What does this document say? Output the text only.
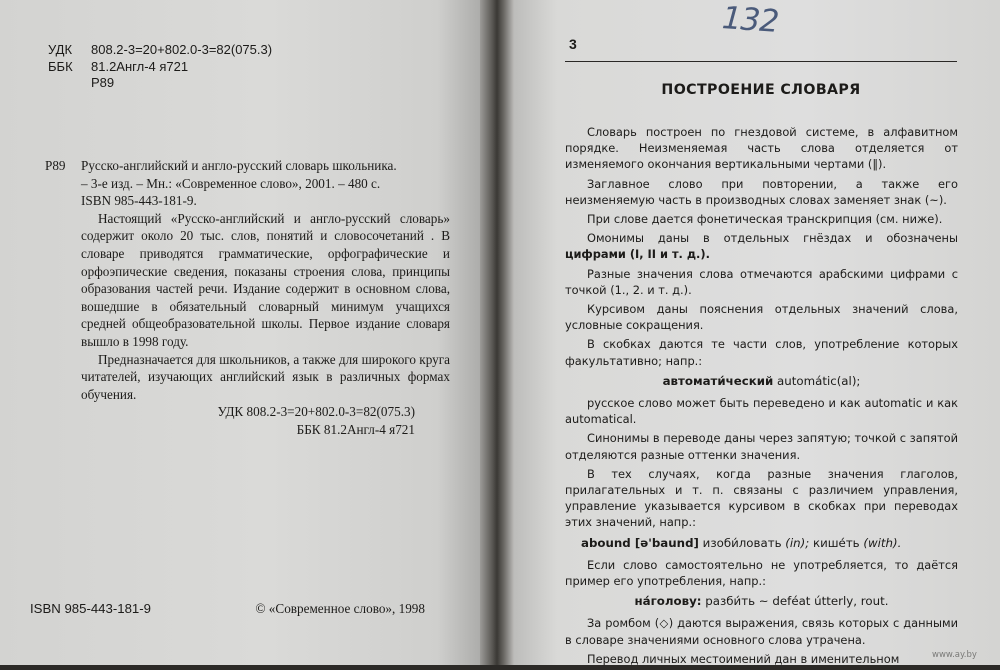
УДК	808.2-3=20+802.0-3=82(075.3)
ББК	81.2Англ-4 я721
Р89
Р89	Русско-английский и англо-русский словарь школьника.
– 3-е изд. – Мн.: «Современное слово», 2001. – 480 с.
ISBN 985-443-181-9.

Настоящий «Русско-английский и англо-русский словарь» содержит около 20 тыс. слов, понятий и словосочетаний . В словаре приводятся грамматические, орфографические и орфоэпические сведения, показаны строения слова, принципы образования частей речи. Издание содержит в основном слова, вошедшие в обязательный словарный минимум учащихся средней общеобразовательной школы. Первое издание словаря вышло в 1998 году.

Предназначается для школьников, а также для широкого круга читателей, изучающих английский язык в различных формах обучения.

УДК 808.2-3=20+802.0-3=82(075.3)
ББК 81.2Англ-4 я721
ISBN 985-443-181-9	© «Современное слово», 1998
132
3
ПОСТРОЕНИЕ СЛОВАРЯ

Словарь построен по гнездовой системе, в алфавитном порядке. Неизменяемая часть слова отделяется от изменяемого окончания вертикальными чертами (‖).

Заглавное слово при повторении, а также его неизменяемую часть в производных словах заменяет знак (~).

При слове дается фонетическая транскрипция (см. ниже).

Омонимы даны в отдельных гнёздах и обозначены цифрами (I, II и т. д.).

Разные значения слова отмечаются арабскими цифрами с точкой (1., 2. и т. д.).

Курсивом даны пояснения отдельных значений слова, условные сокращения.

В скобках даются те части слов, употребление которых факультативно; напр.:

автомати́ческий automátic(al);

русское слово может быть переведено и как automatic и как automatical.

Синонимы в переводе даны через запятую; точкой с запятой отделяются разные оттенки значения.

В тех случаях, когда разные значения глаголов, прилагательных и т. п. связаны с различием управления, управление указывается курсивом в скобках при переводах этих значений, напр.:

abound [ə'baund] изоби́ловать (in); кише́ть (with).

Если слово самостоятельно не употребляется, то даётся пример его употребления, напр.:

на́голову: разби́ть ~ deféat útterly, rout.

За ромбом (◇) даются выражения, связь которых с данными в словаре значениями основного слова утрачена.

Перевод личных местоимений дан в именительном	www.ay.by
